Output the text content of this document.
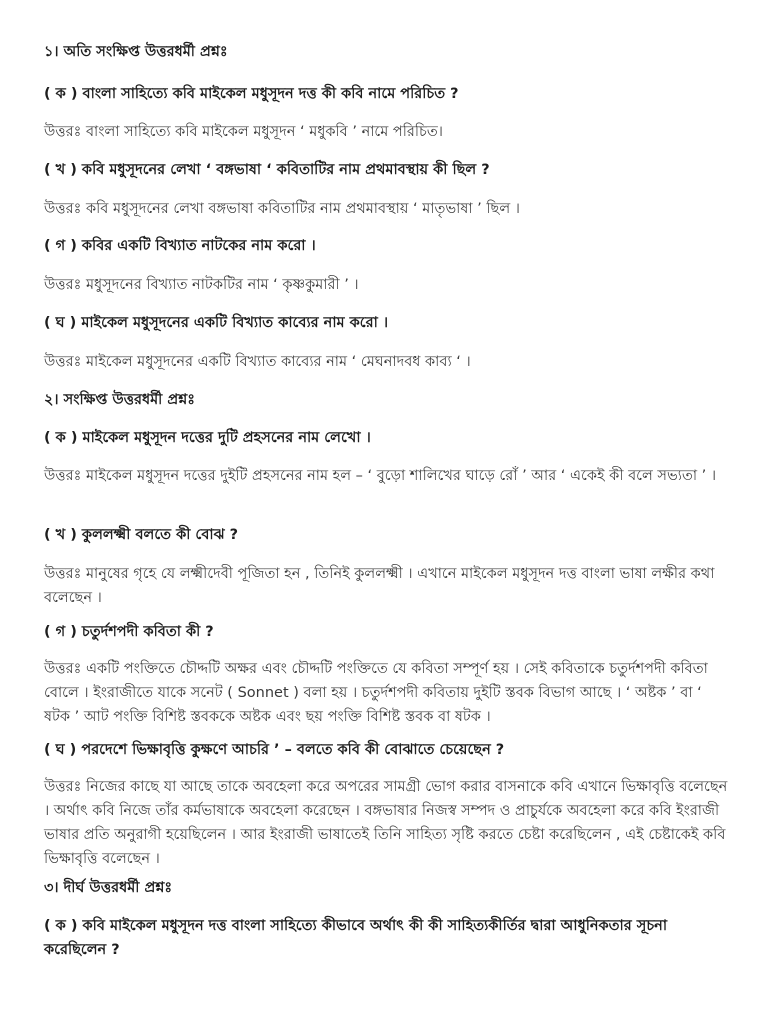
১। অতি সংক্ষিপ্ত উত্তরধর্মী প্রশ্নঃ

( ক ) বাংলা সাহিত্যে কবি মাইকেল মধুসূদন দত্ত কী কবি নামে পরিচিত ?

উত্তরঃ বাংলা সাহিত্যে কবি মাইকেল মধুসূদন ‘ মধুকবি ’ নামে পরিচিত।

( খ ) কবি মধুসূদনের লেখা ‘ বঙ্গভাষা ‘ কবিতাটির নাম প্রথমাবস্থায় কী ছিল ?

উত্তরঃ কবি মধুসূদনের লেখা বঙ্গভাষা কবিতাটির নাম প্রথমাবস্থায় ‘ মাতৃভাষা ’ ছিল ।

( গ ) কবির একটি বিখ্যাত নাটকের নাম করো ।

উত্তরঃ মধুসূদনের বিখ্যাত নাটকটির নাম ‘ কৃষ্ণকুমারী ’ ।

( ঘ ) মাইকেল মধুসূদনের একটি বিখ্যাত কাব্যের নাম করো ।

উত্তরঃ মাইকেল মধুসূদনের একটি বিখ্যাত কাব্যের নাম ‘ মেঘনাদবধ কাব্য ‘ ।

২। সংক্ষিপ্ত উত্তরধর্মী প্রশ্নঃ

( ক ) মাইকেল মধুসূদন দত্তের দুটি প্রহসনের নাম লেখো ।

উত্তরঃ মাইকেল মধুসূদন দত্তের দুইটি প্রহসনের নাম হল – ‘ বুড়ো শালিখের ঘাড়ে রোঁ ’ আর ‘ একেই কী বলে সভ্যতা ’ ।

( খ ) কুললক্ষ্মী বলতে কী বোঝ ?

উত্তরঃ মানুষের গৃহে যে লক্ষ্মীদেবী পূজিতা হন , তিনিই কুললক্ষ্মী । এখানে মাইকেল মধুসূদন দত্ত বাংলা ভাষা লক্ষীর কথা বলেছেন ।

( গ ) চতুর্দশপদী কবিতা কী ?

উত্তরঃ একটি পংক্তিতে চৌদ্দটি অক্ষর এবং চৌদ্দটি পংক্তিতে যে কবিতা সম্পূর্ণ হয় । সেই কবিতাকে চতুর্দশপদী কবিতা বোলে । ইংরাজীতে যাকে সনেট ( Sonnet ) বলা হয় । চতুর্দশপদী কবিতায় দুইটি স্তবক বিভাগ আছে । ‘ অষ্টক ’ বা ‘ ষটক ’ আট পংক্তি বিশিষ্ট স্তবককে অষ্টক এবং ছয় পংক্তি বিশিষ্ট স্তবক বা ষটক ।

( ঘ ) পরদেশে ভিক্ষাবৃত্তি কুক্ষণে আচরি ’ – বলতে কবি কী বোঝাতে চেয়েছেন ?

উত্তরঃ নিজের কাছে যা আছে তাকে অবহেলা করে অপরের সামগ্রী ভোগ করার বাসনাকে কবি এখানে ভিক্ষাবৃত্তি বলেছেন । অর্থাৎ কবি নিজে তাঁর কর্মভাষাকে অবহেলা করেছেন । বঙ্গভাষার নিজস্ব সম্পদ ও প্রাচুর্যকে অবহেলা করে কবি ইংরাজী ভাষার প্রতি অনুরাগী হয়েছিলেন । আর ইংরাজী ভাষাতেই তিনি সাহিত্য সৃষ্টি করতে চেষ্টা করেছিলেন , এই চেষ্টাকেই কবি ভিক্ষাবৃত্তি বলেছেন ।

৩। দীর্ঘ উত্তরধর্মী প্রশ্নঃ

( ক ) কবি মাইকেল মধুসূদন দত্ত বাংলা সাহিত্যে কীভাবে অর্থাৎ কী কী সাহিত্যকীর্তির দ্বারা আধুনিকতার সূচনা করেছিলেন ?
